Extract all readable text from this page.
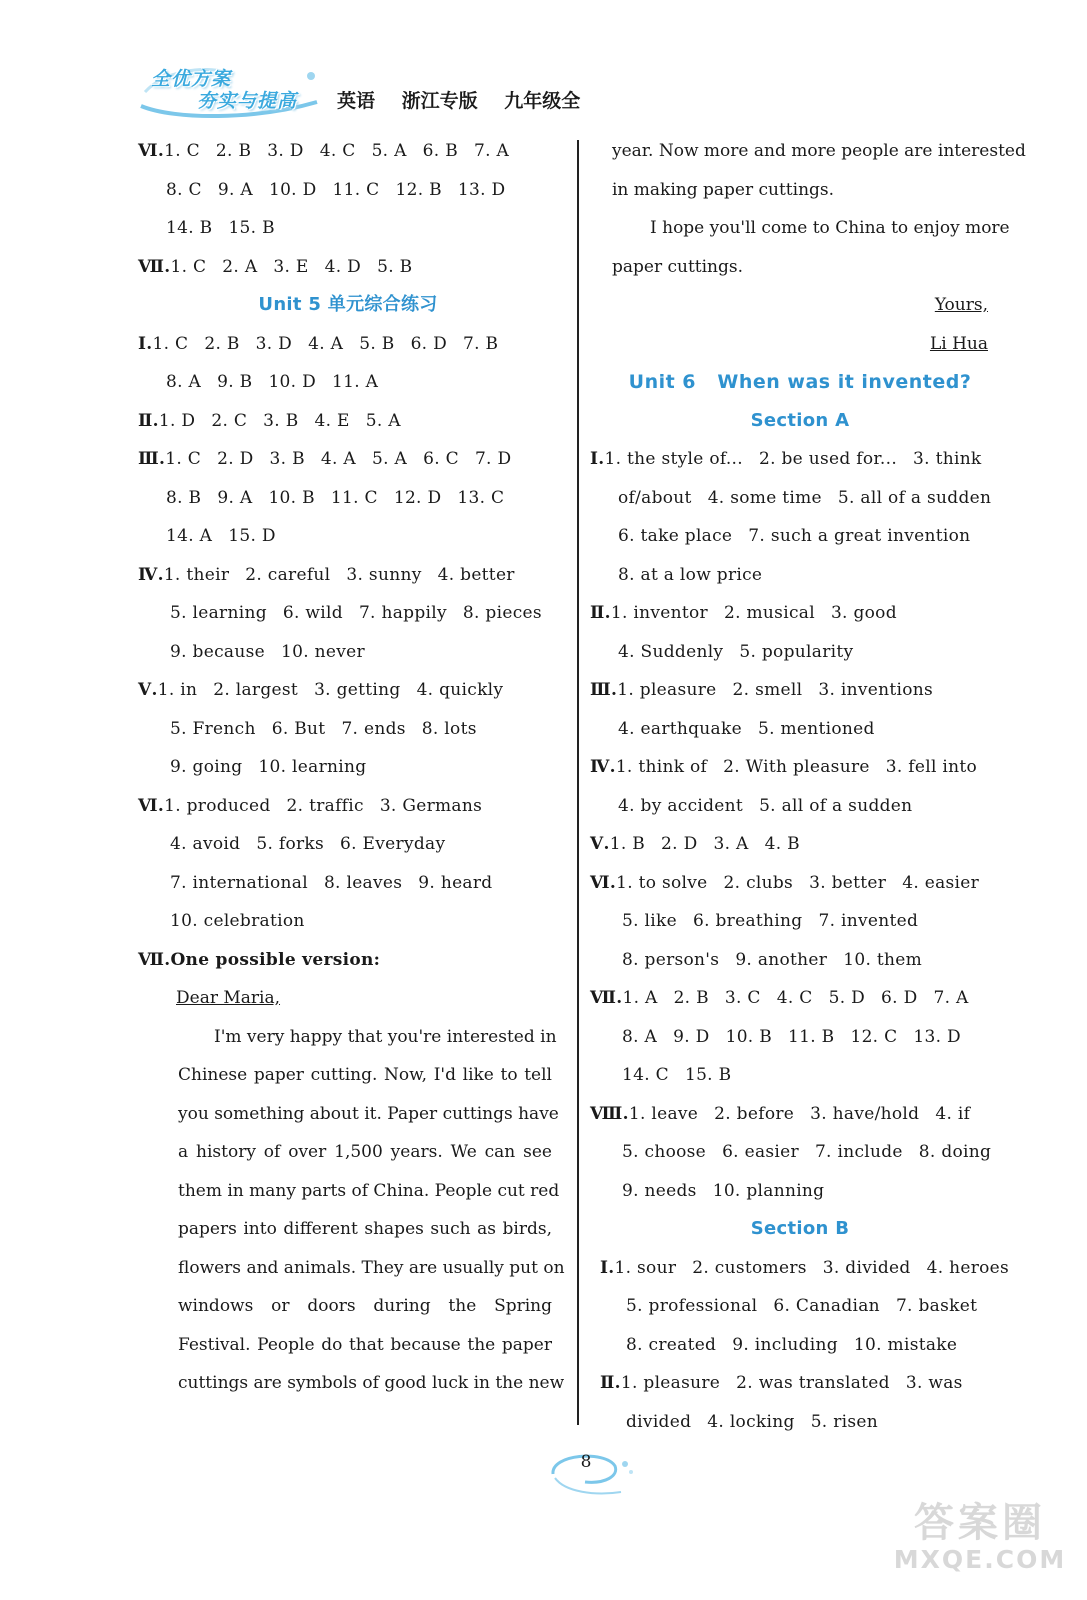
全优方案
夯实与提高	英语 浙江专版 九年级全
Ⅵ.1. C 2. B 3. D 4. C 5. A 6. B 7. A
8. C 9. A 10. D 11. C 12. B 13. D
14. B 15. B
Ⅶ.1. C 2. A 3. E 4. D 5. B
Unit 5 单元综合练习
Ⅰ.1. C 2. B 3. D 4. A 5. B 6. D 7. B
8. A 9. B 10. D 11. A
Ⅱ.1. D 2. C 3. B 4. E 5. A
Ⅲ.1. C 2. D 3. B 4. A 5. A 6. C 7. D
8. B 9. A 10. B 11. C 12. D 13. C
14. A 15. D
Ⅳ.1. their 2. careful 3. sunny 4. better
5. learning 6. wild 7. happily 8. pieces
9. because 10. never
Ⅴ.1. in 2. largest 3. getting 4. quickly
5. French 6. But 7. ends 8. lots
9. going 10. learning
Ⅵ.1. produced 2. traffic 3. Germans
4. avoid 5. forks 6. Everyday
7. international 8. leaves 9. heard
10. celebration
Ⅶ.One possible version:
Dear Maria,
I'm very happy that you're interested in
Chinese paper cutting. Now, I'd like to tell
you something about it. Paper cuttings have
a history of over 1,500 years. We can see
them in many parts of China. People cut red
papers into different shapes such as birds,
flowers and animals. They are usually put on
windows or doors during the Spring
Festival. People do that because the paper
cuttings are symbols of good luck in the new
year. Now more and more people are interested
in making paper cuttings.
I hope you'll come to China to enjoy more
paper cuttings.
Yours,
Li Hua
Unit 6 When was it invented?
Section A
Ⅰ.1. the style of... 2. be used for... 3. think
of/about 4. some time 5. all of a sudden
6. take place 7. such a great invention
8. at a low price
Ⅱ.1. inventor 2. musical 3. good
4. Suddenly 5. popularity
Ⅲ.1. pleasure 2. smell 3. inventions
4. earthquake 5. mentioned
Ⅳ.1. think of 2. With pleasure 3. fell into
4. by accident 5. all of a sudden
Ⅴ.1. B 2. D 3. A 4. B
Ⅵ.1. to solve 2. clubs 3. better 4. easier
5. like 6. breathing 7. invented
8. person's 9. another 10. them
Ⅶ.1. A 2. B 3. C 4. C 5. D 6. D 7. A
8. A 9. D 10. B 11. B 12. C 13. D
14. C 15. B
Ⅷ.1. leave 2. before 3. have/hold 4. if
5. choose 6. easier 7. include 8. doing
9. needs 10. planning
Section B
Ⅰ.1. sour 2. customers 3. divided 4. heroes
5. professional 6. Canadian 7. basket
8. created 9. including 10. mistake
Ⅱ.1. pleasure 2. was translated 3. was
divided 4. locking 5. risen
8
答案圈
MXQE.COM
